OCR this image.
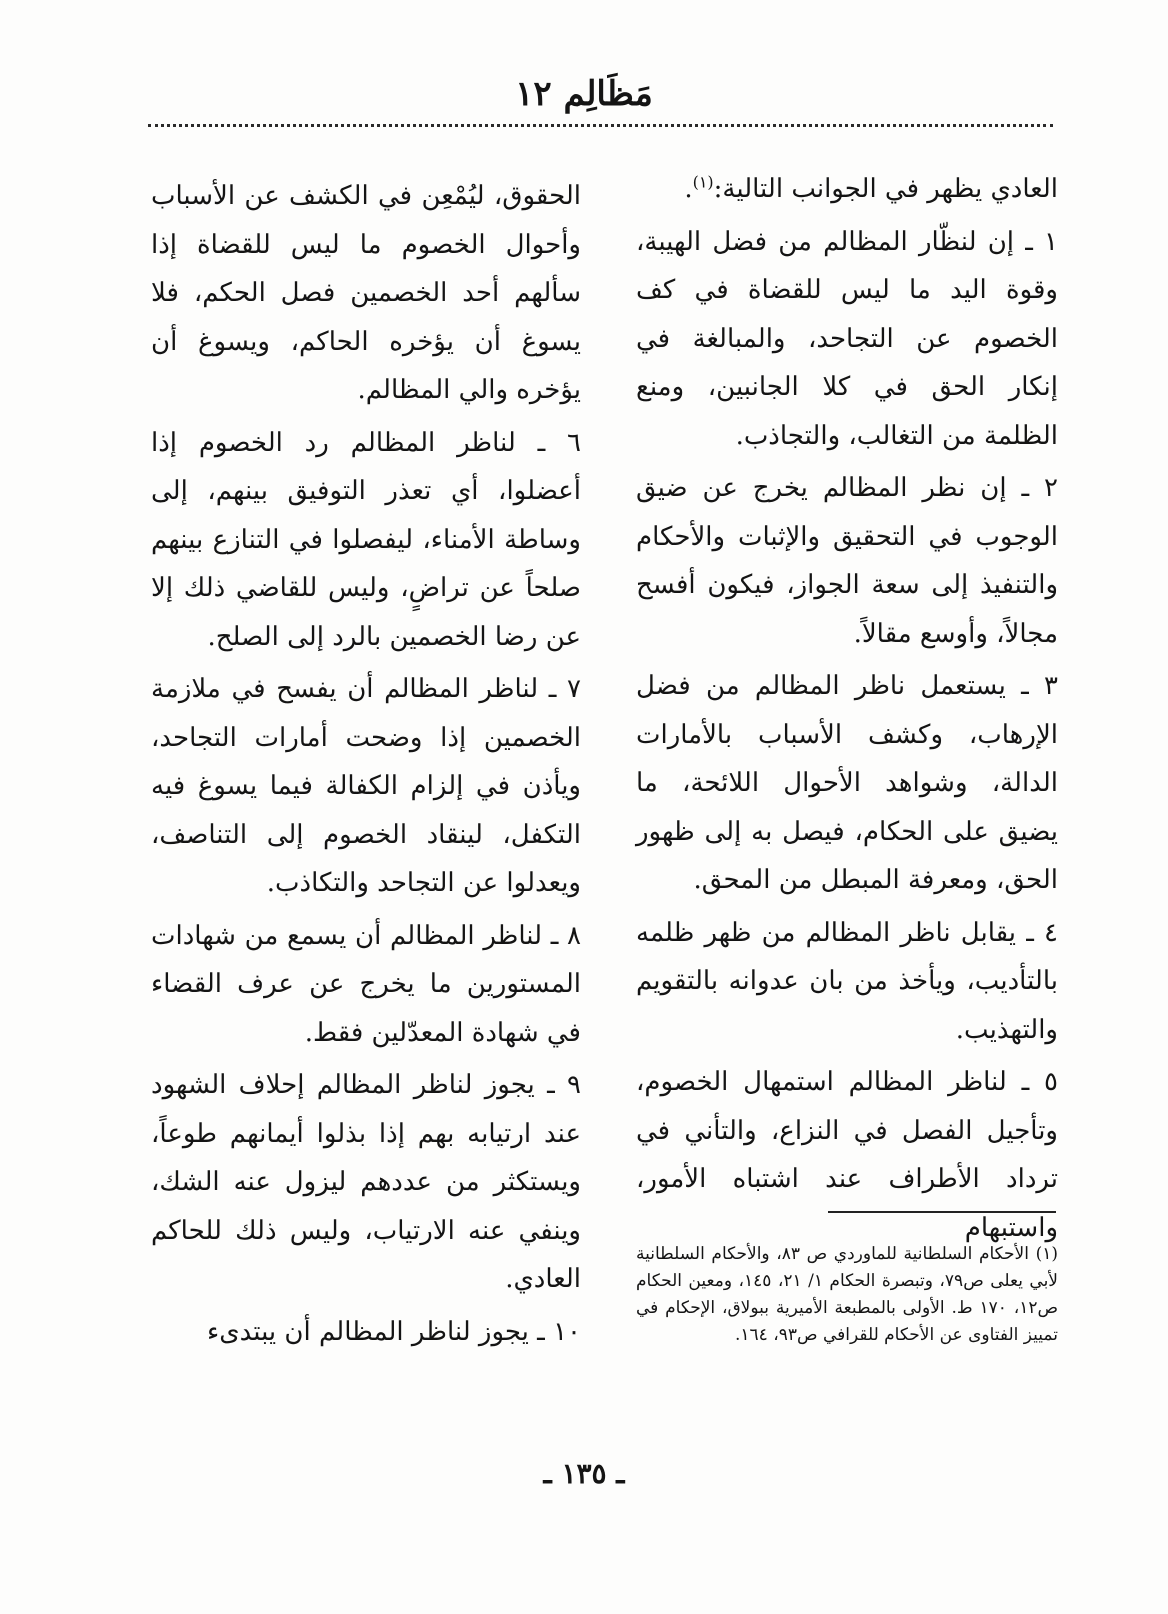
مَظَالِم ١٢

العادي يظهر في الجوانب التالية:$^{(١)}$.

١ ـ إن لنظّار المظالم من فضل الهيبة، وقوة اليد ما ليس للقضاة في كف الخصوم عن التجاحد، والمبالغة في إنكار الحق في كلا الجانبين، ومنع الظلمة من التغالب، والتجاذب.

٢ ـ إن نظر المظالم يخرج عن ضيق الوجوب في التحقيق والإثبات والأحكام والتنفيذ إلى سعة الجواز، فيكون أفسح مجالاً، وأوسع مقالاً.

٣ ـ يستعمل ناظر المظالم من فضل الإرهاب، وكشف الأسباب بالأمارات الدالة، وشواهد الأحوال اللائحة، ما يضيق على الحكام، فيصل به إلى ظهور الحق، ومعرفة المبطل من المحق.

٤ ـ يقابل ناظر المظالم من ظهر ظلمه بالتأديب، ويأخذ من بان عدوانه بالتقويم والتهذيب.

٥ ـ لناظر المظالم استمهال الخصوم، وتأجيل الفصل في النزاع، والتأني في ترداد الأطراف عند اشتباه الأمور، واستبهام

الحقوق، ليُمْعِن في الكشف عن الأسباب وأحوال الخصوم ما ليس للقضاة إذا سألهم أحد الخصمين فصل الحكم، فلا يسوغ أن يؤخره الحاكم، ويسوغ أن يؤخره والي المظالم.

٦ ـ لناظر المظالم رد الخصوم إذا أعضلوا، أي تعذر التوفيق بينهم، إلى وساطة الأمناء، ليفصلوا في التنازع بينهم صلحاً عن تراضٍ، وليس للقاضي ذلك إلا عن رضا الخصمين بالرد إلى الصلح.

٧ ـ لناظر المظالم أن يفسح في ملازمة الخصمين إذا وضحت أمارات التجاحد، ويأذن في إلزام الكفالة فيما يسوغ فيه التكفل، لينقاد الخصوم إلى التناصف، ويعدلوا عن التجاحد والتكاذب.

٨ ـ لناظر المظالم أن يسمع من شهادات المستورين ما يخرج عن عرف القضاء في شهادة المعدّلين فقط.

٩ ـ يجوز لناظر المظالم إحلاف الشهود عند ارتيابه بهم إذا بذلوا أيمانهم طوعاً، ويستكثر من عددهم ليزول عنه الشك، وينفي عنه الارتياب، وليس ذلك للحاكم العادي.

١٠ ـ يجوز لناظر المظالم أن يبتدىء

(١) الأحكام السلطانية للماوردي ص ٨٣، والأحكام السلطانية لأبي يعلى ص٧٩، وتبصرة الحكام ١/ ٢١، ١٤٥، ومعين الحكام ص١٢، ١٧٠ ط. الأولى بالمطبعة الأميرية ببولاق، الإحكام في تمييز الفتاوى عن الأحكام للقرافي ص٩٣، ١٦٤.

ـ ١٣٥ ـ
